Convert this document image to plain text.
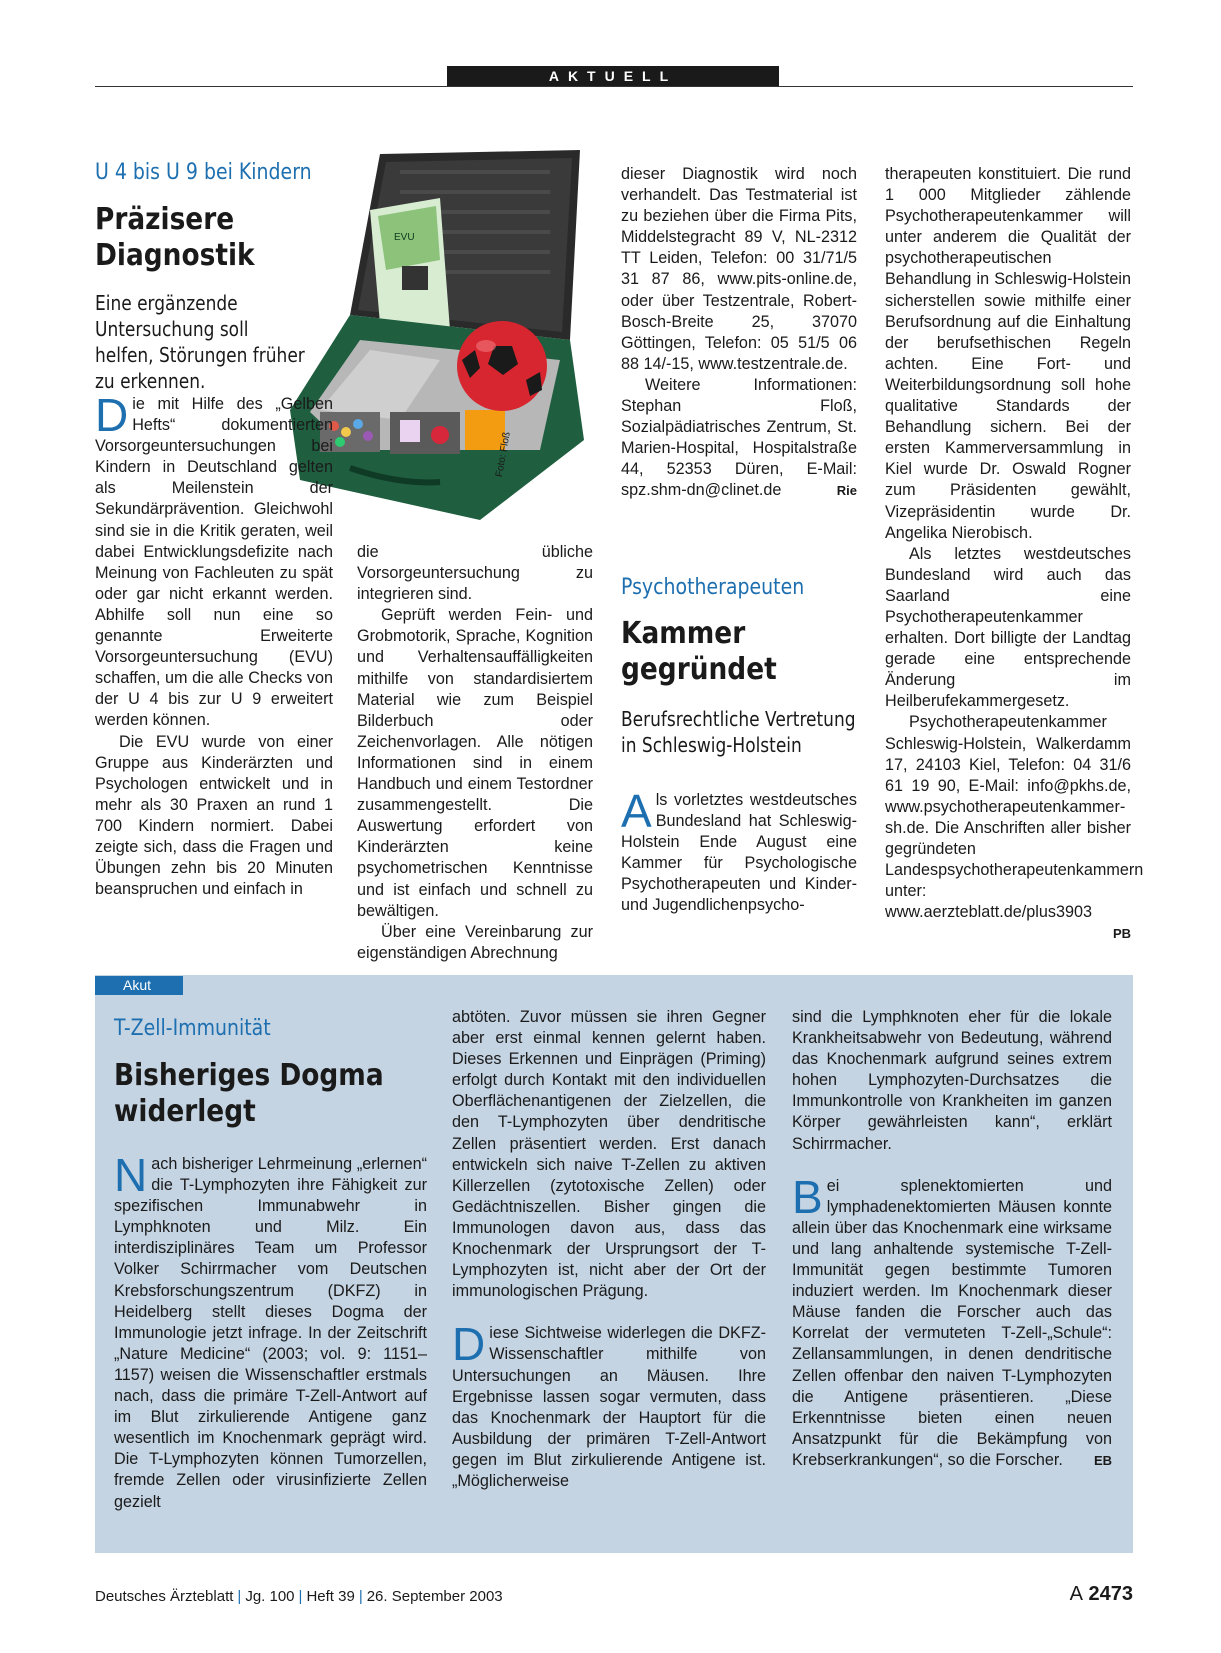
AKTUELL
U 4 bis U 9 bei Kindern
Präzisere Diagnostik
Eine ergänzende Untersuchung soll helfen, Störungen früher zu erkennen.
EVU
Foto: Floß

Die mit Hilfe des „Gelben Hefts“ dokumentierten Vorsorgeuntersuchungen bei Kindern in Deutschland gelten als Meilenstein der Sekundärprävention. Gleichwohl sind sie in die Kritik geraten, weil dabei Entwicklungsdefizite nach Meinung von Fachleuten zu spät oder gar nicht erkannt werden. Abhilfe soll nun eine so genannte Erweiterte Vorsorgeuntersuchung (EVU) schaffen, um die alle Checks von der U 4 bis zur U 9 erweitert werden können.

Die EVU wurde von einer Gruppe aus Kinderärzten und Psychologen entwickelt und in mehr als 30 Praxen an rund 1 700 Kindern normiert. Dabei zeigte sich, dass die Fragen und Übungen zehn bis 20 Minuten beanspruchen und einfach in

die übliche Vorsorgeuntersuchung zu integrieren sind.

Geprüft werden Fein- und Grobmotorik, Sprache, Kognition und Verhaltensauffälligkeiten mithilfe von standardisiertem Material wie zum Beispiel Bilderbuch oder Zeichenvorlagen. Alle nötigen Informationen sind in einem Handbuch und einem Testordner zusammengestellt. Die Auswertung erfordert von Kinderärzten keine psychometrischen Kenntnisse und ist einfach und schnell zu bewältigen.

Über eine Vereinbarung zur eigenständigen Abrechnung

dieser Diagnostik wird noch verhandelt. Das Testmaterial ist zu beziehen über die Firma Pits, Middelstegracht 89 V, NL-2312 TT Leiden, Telefon: 00 31/71/5 31 87 86, www.pits-online.de, oder über Testzentrale, Robert-Bosch-Breite 25, 37070 Göttingen, Telefon: 05 51/5 06 88 14/-15, www.testzentrale.de.

Weitere Informationen: Stephan Floß, Sozialpädiatrisches Zentrum, St. Marien-Hospital, Hospitalstraße 44, 52353 Düren, E-Mail: spz.shm-dn@clinet.de	Rie

Psychotherapeuten
Kammer gegründet
Berufsrechtliche Vertretung in Schleswig-Holstein

Als vorletztes westdeutsches Bundesland hat Schleswig-Holstein Ende August eine Kammer für Psychologische Psychotherapeuten und Kinder- und Jugendlichenpsycho-

therapeuten konstituiert. Die rund 1 000 Mitglieder zählende Psychotherapeutenkammer will unter anderem die Qualität der psychotherapeutischen Behandlung in Schleswig-Holstein sicherstellen sowie mithilfe einer Berufsordnung auf die Einhaltung der berufsethischen Regeln achten. Eine Fort- und Weiterbildungsordnung soll hohe qualitative Standards der Behandlung sichern. Bei der ersten Kammerversammlung in Kiel wurde Dr. Oswald Rogner zum Präsidenten gewählt, Vizepräsidentin wurde Dr. Angelika Nierobisch.

Als letztes westdeutsches Bundesland wird auch das Saarland eine Psychotherapeutenkammer erhalten. Dort billigte der Landtag gerade eine entsprechende Änderung im Heilberufekammergesetz.

Psychotherapeutenkammer Schleswig-Holstein, Walkerdamm 17, 24103 Kiel, Telefon: 04 31/6 61 19 90, E-Mail: info@pkhs.de, www.psychotherapeutenkammer-sh.de. Die Anschriften aller bisher gegründeten Landespsychotherapeutenkammern unter: www.aerzteblatt.de/plus3903
PB

Akut
T-Zell-Immunität
Bisheriges Dogma widerlegt

Nach bisheriger Lehrmeinung „erlernen“ die T-Lymphozyten ihre Fähigkeit zur spezifischen Immunabwehr in Lymphknoten und Milz. Ein interdisziplinäres Team um Professor Volker Schirrmacher vom Deutschen Krebsforschungszentrum (DKFZ) in Heidelberg stellt dieses Dogma der Immunologie jetzt infrage. In der Zeitschrift „Nature Medicine“ (2003; vol. 9: 1151– 1157) weisen die Wissenschaftler erstmals nach, dass die primäre T-Zell-Antwort auf im Blut zirkulierende Antigene ganz wesentlich im Knochenmark geprägt wird. Die T-Lymphozyten können Tumorzellen, fremde Zellen oder virusinfizierte Zellen gezielt

abtöten. Zuvor müssen sie ihren Gegner aber erst einmal kennen gelernt haben. Dieses Erkennen und Einprägen (Priming) erfolgt durch Kontakt mit den individuellen Oberflächenantigenen der Zielzellen, die den T-Lymphozyten über dendritische Zellen präsentiert werden. Erst danach entwickeln sich naive T-Zellen zu aktiven Killerzellen (zytotoxische Zellen) oder Gedächtniszellen. Bisher gingen die Immunologen davon aus, dass das Knochenmark der Ursprungsort der T-Lymphozyten ist, nicht aber der Ort der immunologischen Prägung.

Diese Sichtweise widerlegen die DKFZ-Wissenschaftler mithilfe von Untersuchungen an Mäusen. Ihre Ergebnisse lassen sogar vermuten, dass das Knochenmark der Hauptort für die Ausbildung der primären T-Zell-Antwort gegen im Blut zirkulierende Antigene ist. „Möglicherweise

sind die Lymphknoten eher für die lokale Krankheitsabwehr von Bedeutung, während das Knochenmark aufgrund seines extrem hohen Lymphozyten-Durchsatzes die Immunkontrolle von Krankheiten im ganzen Körper gewährleisten kann“, erklärt Schirrmacher.

Bei splenektomierten und lymphadenektomierten Mäusen konnte allein über das Knochenmark eine wirksame und lang anhaltende systemische T-Zell-Immunität gegen bestimmte Tumoren induziert werden. Im Knochenmark dieser Mäuse fanden die Forscher auch das Korrelat der vermuteten T-Zell-„Schule“: Zellansammlungen, in denen dendritische Zellen offenbar den naiven T-Lymphozyten die Antigene präsentieren. „Diese Erkenntnisse bieten einen neuen Ansatzpunkt für die Bekämpfung von Krebserkrankungen“, so die Forscher. EB

Deutsches Ärzteblatt | Jg. 100 | Heft 39 | 26. September 2003	A 2473
